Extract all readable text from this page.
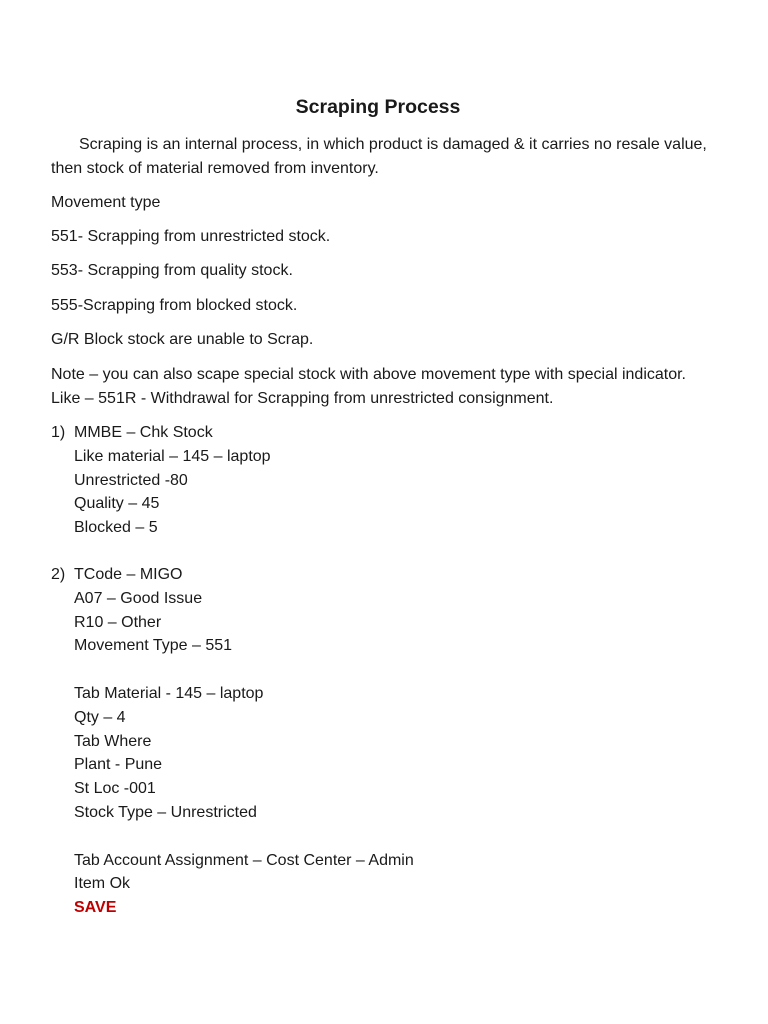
Scraping Process
Scraping is an internal process, in which product is damaged & it carries no resale value, then stock of material removed from inventory.
Movement type
551- Scrapping from unrestricted stock.
553- Scrapping from quality stock.
555-Scrapping from blocked stock.
G/R Block stock are unable to Scrap.
Note – you can also scape special stock with above movement type with special indicator. Like – 551R - Withdrawal for Scrapping from unrestricted consignment.
1) MMBE – Chk Stock
Like material – 145 – laptop
Unrestricted -80
Quality – 45
Blocked – 5
2) TCode – MIGO
A07 – Good Issue
R10 – Other
Movement Type – 551
Tab Material - 145 – laptop
Qty – 4
Tab Where
Plant - Pune
St Loc -001
Stock Type – Unrestricted
Tab Account Assignment – Cost Center – Admin
Item Ok
SAVE
